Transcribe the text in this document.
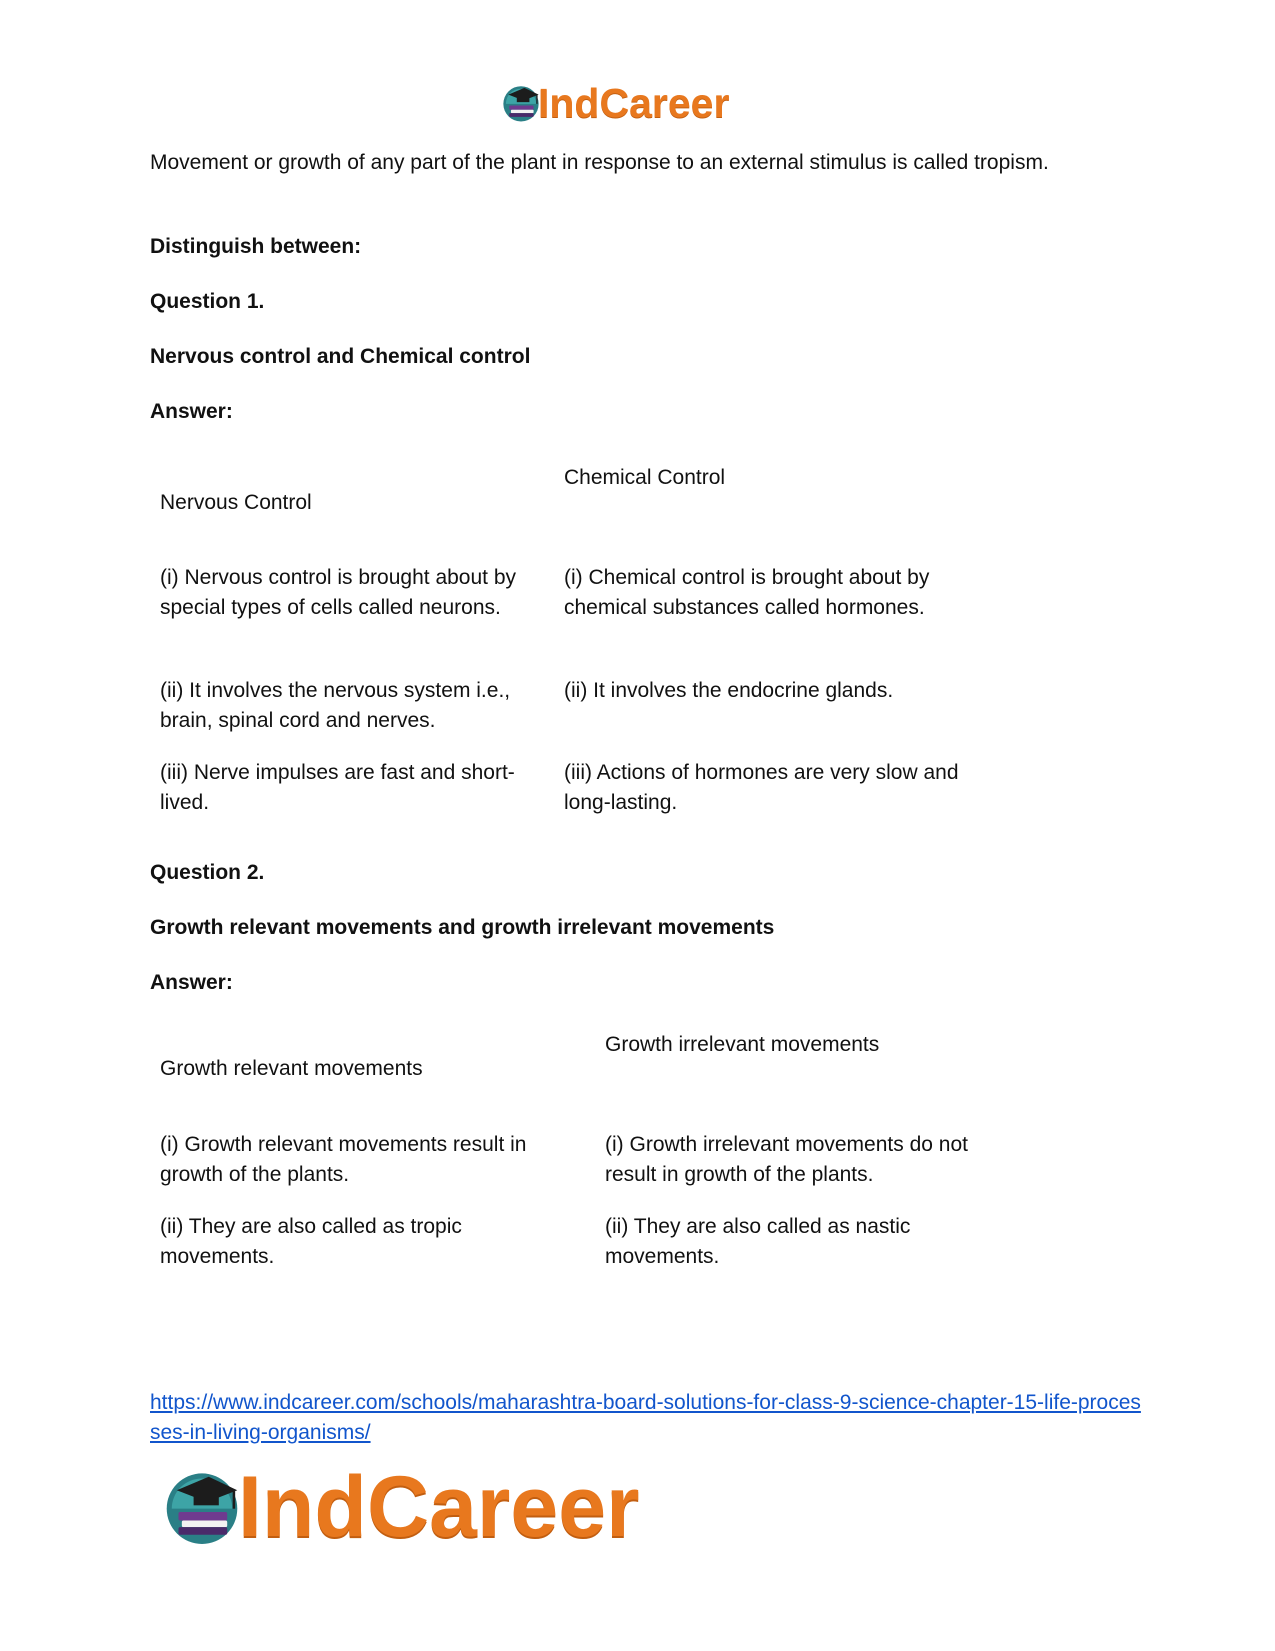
IndCareer

Movement or growth of any part of the plant in response to an external stimulus is called tropism.

Distinguish between:

Question 1.

Nervous control and Chemical control

Answer:

Nervous Control

Chemical Control

(i) Nervous control is brought about by special types of cells called neurons.

(i) Chemical control is brought about by chemical substances called hormones.

(ii) It involves the nervous system i.e., brain, spinal cord and nerves.

(ii) It involves the endocrine glands.

(iii) Nerve impulses are fast and short-lived.

(iii) Actions of hormones are very slow and long-lasting.

Question 2.

Growth relevant movements and growth irrelevant movements

Answer:

Growth relevant movements

Growth irrelevant movements

(i) Growth relevant movements result in growth of the plants.

(i) Growth irrelevant movements do not result in growth of the plants.

(ii) They are also called as tropic movements.

(ii) They are also called as nastic movements.

https://www.indcareer.com/schools/maharashtra-board-solutions-for-class-9-science-chapter-15-life-processes-in-living-organisms/
IndCareer
